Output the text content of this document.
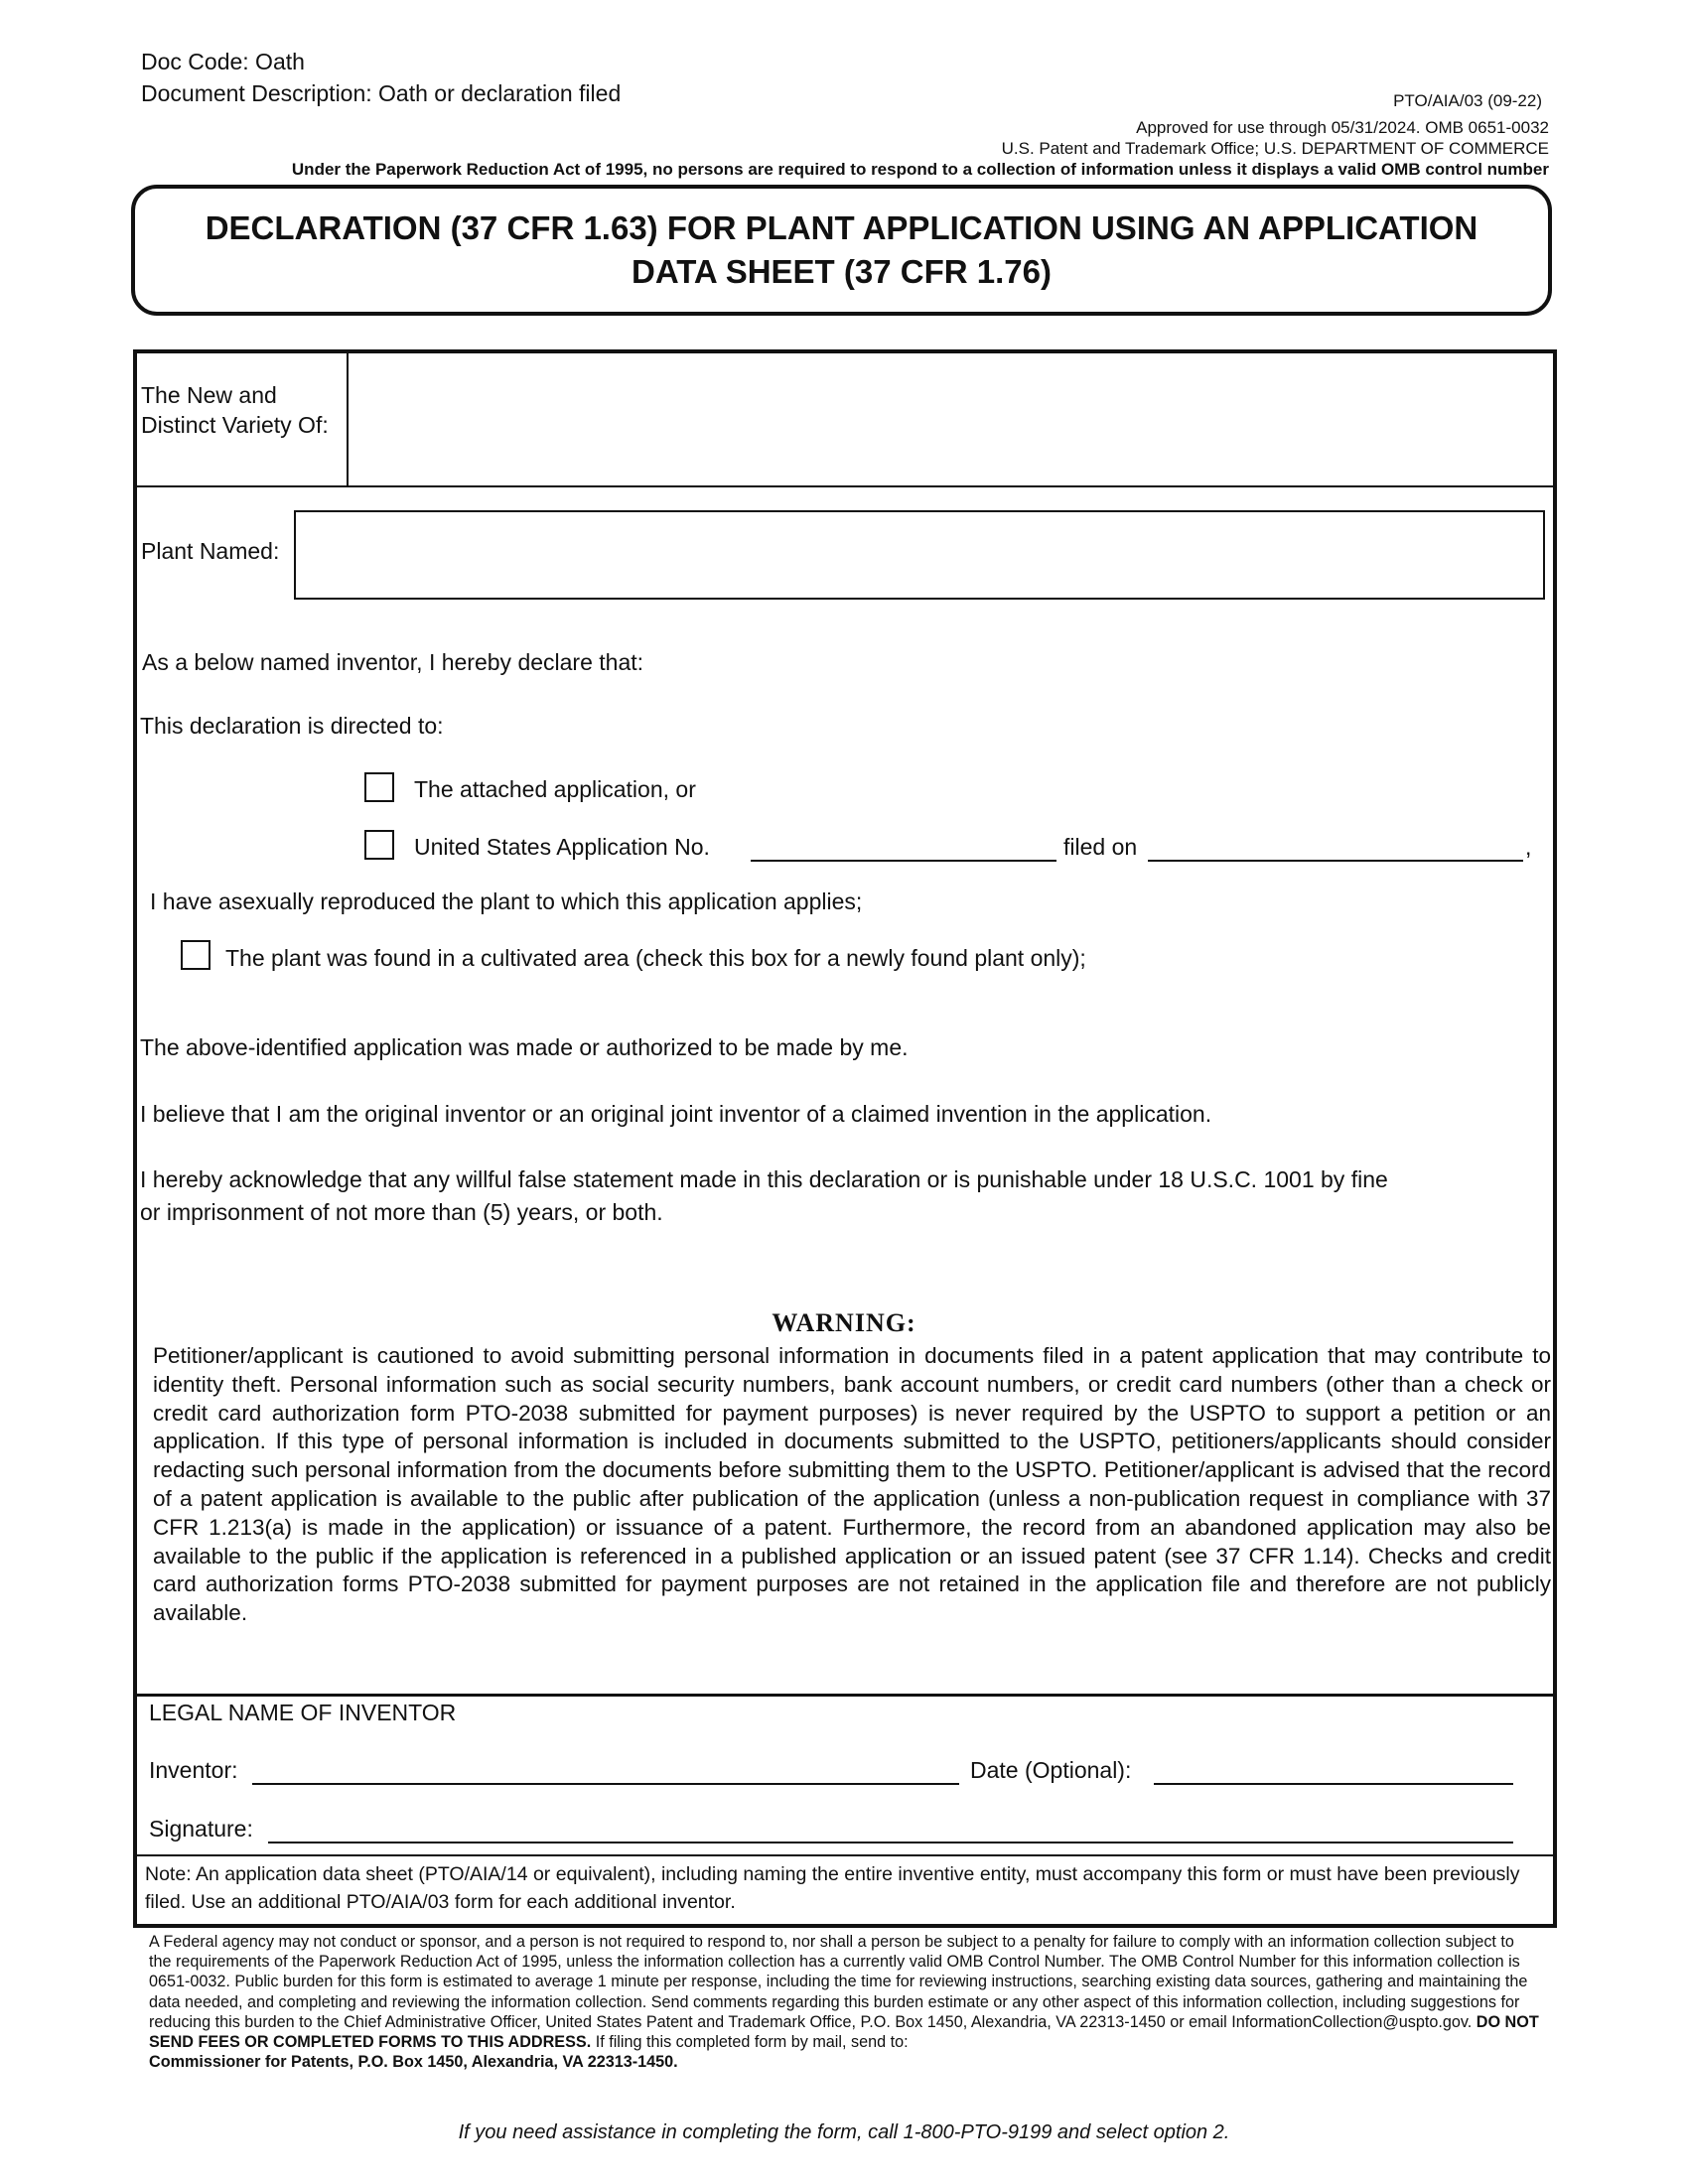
Doc Code: Oath
Document Description: Oath or declaration filed	PTO/AIA/03 (09-22)
Approved for use through 05/31/2024. OMB 0651-0032
U.S. Patent and Trademark Office; U.S. DEPARTMENT OF COMMERCE
Under the Paperwork Reduction Act of 1995, no persons are required to respond to a collection of information unless it displays a valid OMB control number
DECLARATION (37 CFR 1.63) FOR PLANT APPLICATION USING AN APPLICATION
DATA SHEET (37 CFR 1.76)
The New and
Distinct Variety Of:
Plant Named:
As a below named inventor, I hereby declare that:
This declaration is directed to:
The attached application, or
United States Application No.	filed on	,
I have asexually reproduced the plant to which this application applies;
The plant was found in a cultivated area (check this box for a newly found plant only);
The above-identified application was made or authorized to be made by me.
I believe that I am the original inventor or an original joint inventor of a claimed invention in the application.
I hereby acknowledge that any willful false statement made in this declaration or is punishable under 18 U.S.C. 1001 by fine
or imprisonment of not more than (5) years, or both.
WARNING:
Petitioner/applicant is cautioned to avoid submitting personal information in documents filed in a patent application that may contribute to identity theft. Personal information such as social security numbers, bank account numbers, or credit card numbers (other than a check or credit card authorization form PTO-2038 submitted for payment purposes) is never required by the USPTO to support a petition or an application. If this type of personal information is included in documents submitted to the USPTO, petitioners/applicants should consider redacting such personal information from the documents before submitting them to the USPTO. Petitioner/applicant is advised that the record of a patent application is available to the public after publication of the application (unless a non-publication request in compliance with 37 CFR 1.213(a) is made in the application) or issuance of a patent. Furthermore, the record from an abandoned application may also be available to the public if the application is referenced in a published application or an issued patent (see 37 CFR 1.14). Checks and credit card authorization forms PTO-2038 submitted for payment purposes are not retained in the application file and therefore are not publicly available.
LEGAL NAME OF INVENTOR
Inventor:	Date (Optional):
Signature:
Note: An application data sheet (PTO/AIA/14 or equivalent), including naming the entire inventive entity, must accompany this form or must have been previously filed. Use an additional PTO/AIA/03 form for each additional inventor.
A Federal agency may not conduct or sponsor, and a person is not required to respond to, nor shall a person be subject to a penalty for failure to comply with an information collection subject to the requirements of the Paperwork Reduction Act of 1995, unless the information collection has a currently valid OMB Control Number. The OMB Control Number for this information collection is 0651-0032. Public burden for this form is estimated to average 1 minute per response, including the time for reviewing instructions, searching existing data sources, gathering and maintaining the data needed, and completing and reviewing the information collection. Send comments regarding this burden estimate or any other aspect of this information collection, including suggestions for reducing this burden to the Chief Administrative Officer, United States Patent and Trademark Office, P.O. Box 1450, Alexandria, VA 22313-1450 or email InformationCollection@uspto.gov. DO NOT SEND FEES OR COMPLETED FORMS TO THIS ADDRESS. If filing this completed form by mail, send to:
Commissioner for Patents, P.O. Box 1450, Alexandria, VA 22313-1450.
If you need assistance in completing the form, call 1-800-PTO-9199 and select option 2.
